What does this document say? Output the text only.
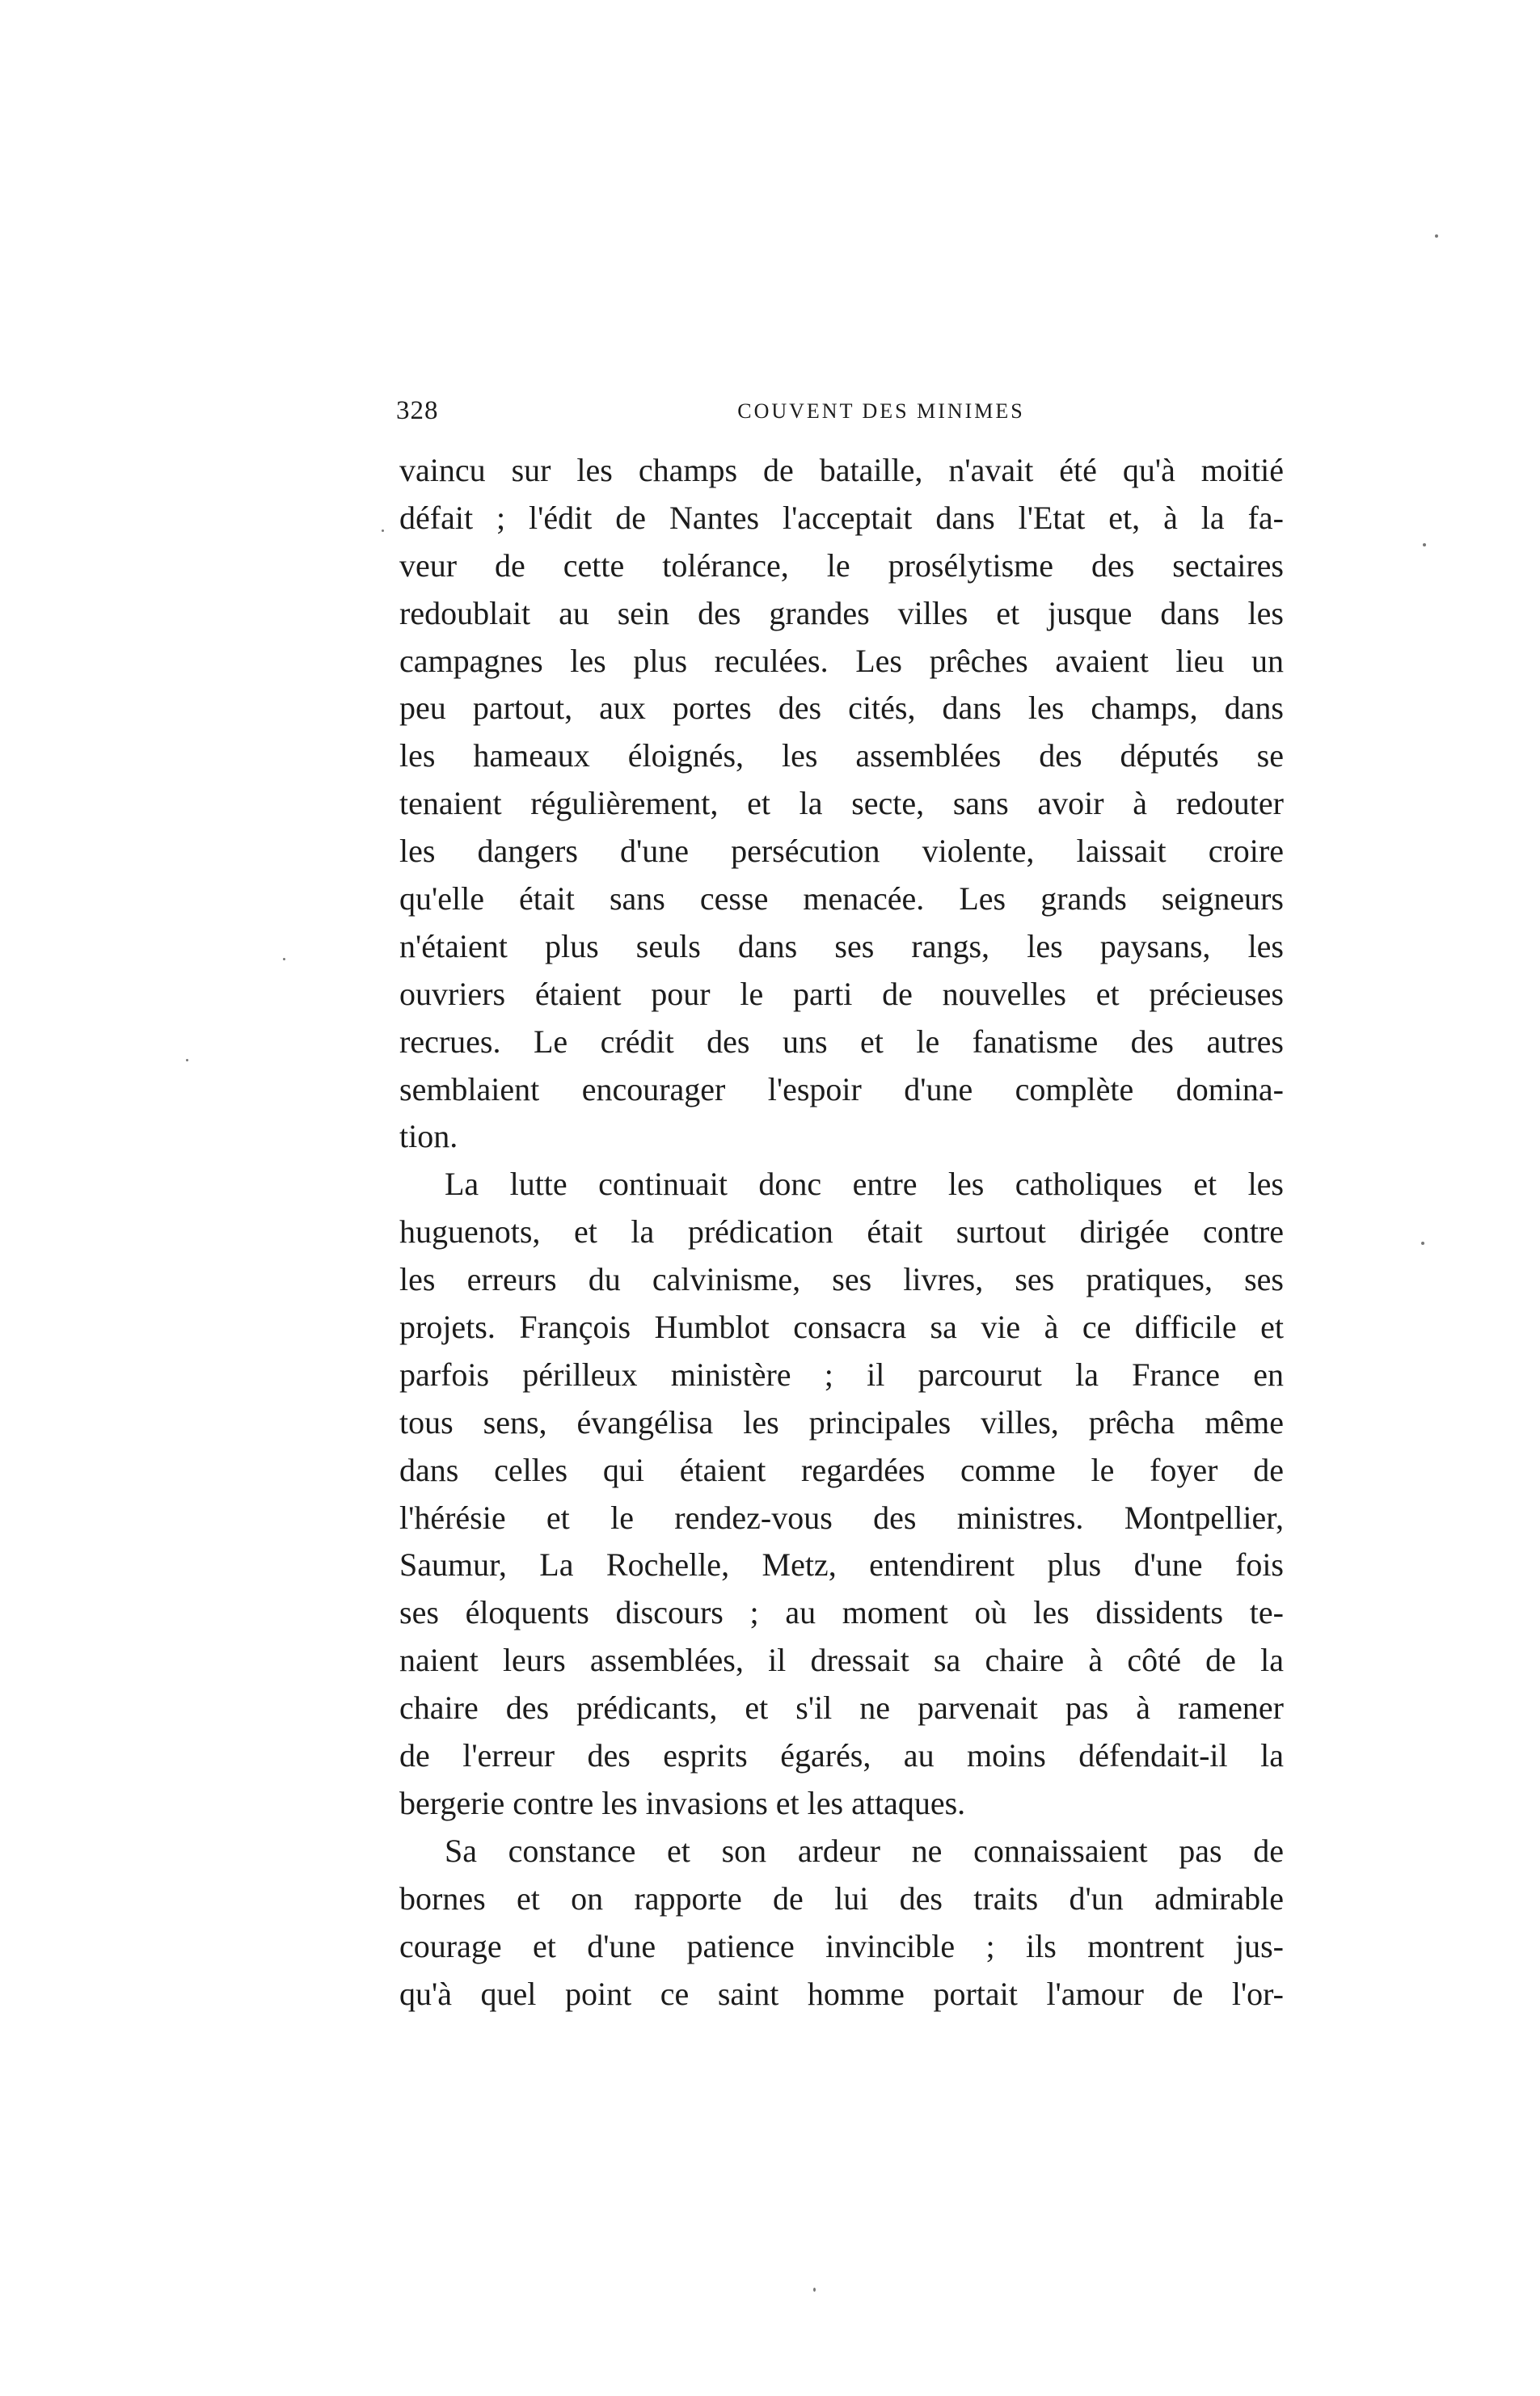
328	COUVENT DES MINIMES
vaincu sur les champs de bataille, n'avait été qu'à moitié
défait ; l'édit de Nantes l'acceptait dans l'Etat et, à la fa-
veur de cette tolérance, le prosélytisme des sectaires
redoublait au sein des grandes villes et jusque dans les
campagnes les plus reculées. Les prêches avaient lieu un
peu partout, aux portes des cités, dans les champs, dans
les hameaux éloignés, les assemblées des députés se
tenaient régulièrement, et la secte, sans avoir à redouter
les dangers d'une persécution violente, laissait croire
qu'elle était sans cesse menacée. Les grands seigneurs
n'étaient plus seuls dans ses rangs, les paysans, les
ouvriers étaient pour le parti de nouvelles et précieuses
recrues. Le crédit des uns et le fanatisme des autres
semblaient encourager l'espoir d'une complète domina-
tion.
La lutte continuait donc entre les catholiques et les
huguenots, et la prédication était surtout dirigée contre
les erreurs du calvinisme, ses livres, ses pratiques, ses
projets. François Humblot consacra sa vie à ce difficile et
parfois périlleux ministère ; il parcourut la France en
tous sens, évangélisa les principales villes, prêcha même
dans celles qui étaient regardées comme le foyer de
l'hérésie et le rendez-vous des ministres. Montpellier,
Saumur, La Rochelle, Metz, entendirent plus d'une fois
ses éloquents discours ; au moment où les dissidents te-
naient leurs assemblées, il dressait sa chaire à côté de la
chaire des prédicants, et s'il ne parvenait pas à ramener
de l'erreur des esprits égarés, au moins défendait-il la
bergerie contre les invasions et les attaques.
Sa constance et son ardeur ne connaissaient pas de
bornes et on rapporte de lui des traits d'un admirable
courage et d'une patience invincible ; ils montrent jus-
qu'à quel point ce saint homme portait l'amour de l'or-
